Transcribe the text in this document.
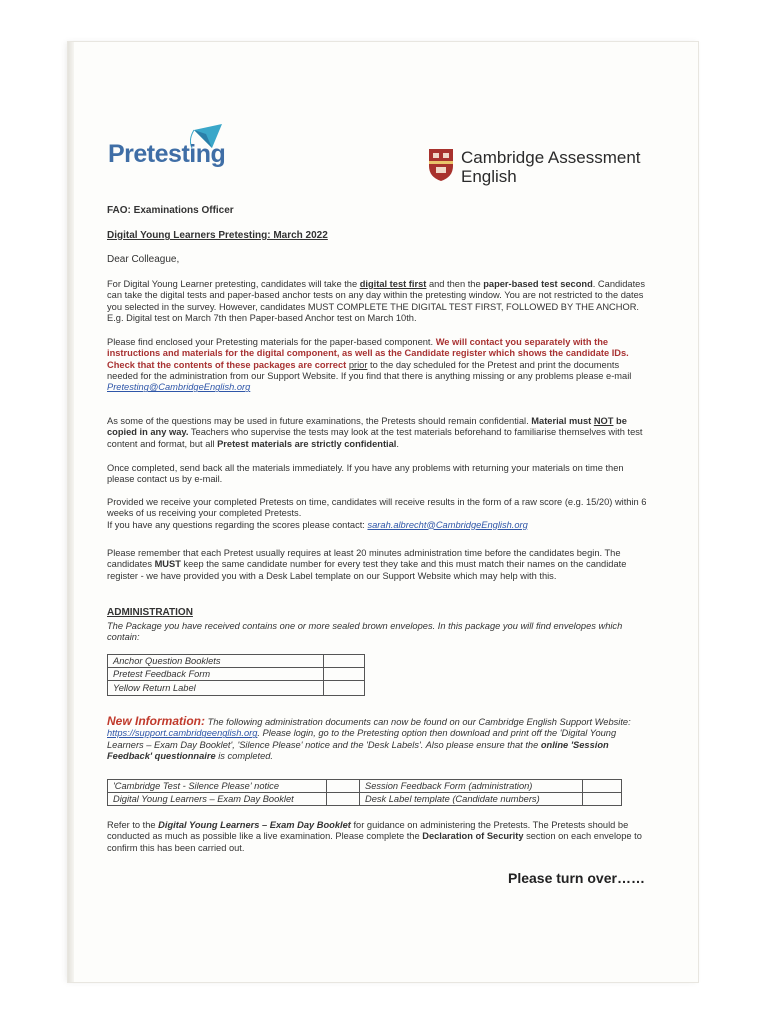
Pretesting	Cambridge Assessment
English
FAO: Examinations Officer
Digital Young Learners Pretesting: March 2022
Dear Colleague,
For Digital Young Learner pretesting, candidates will take the digital test first and then the paper-based test second. Candidates can take the digital tests and paper-based anchor tests on any day within the pretesting window. You are not restricted to the dates you selected in the survey. However, candidates MUST COMPLETE THE DIGITAL TEST FIRST, FOLLOWED BY THE ANCHOR. E.g. Digital test on March 7th then Paper-based Anchor test on March 10th.
Please find enclosed your Pretesting materials for the paper-based component. We will contact you separately with the instructions and materials for the digital component, as well as the Candidate register which shows the candidate IDs. Check that the contents of these packages are correct prior to the day scheduled for the Pretest and print the documents needed for the administration from our Support Website. If you find that there is anything missing or any problems please e-mail Pretesting@CambridgeEnglish.org
As some of the questions may be used in future examinations, the Pretests should remain confidential. Material must NOT be copied in any way. Teachers who supervise the tests may look at the test materials beforehand to familiarise themselves with test content and format, but all Pretest materials are strictly confidential.
Once completed, send back all the materials immediately. If you have any problems with returning your materials on time then please contact us by e-mail.
Provided we receive your completed Pretests on time, candidates will receive results in the form of a raw score (e.g. 15/20) within 6 weeks of us receiving your completed Pretests.
If you have any questions regarding the scores please contact: sarah.albrecht@CambridgeEnglish.org
Please remember that each Pretest usually requires at least 20 minutes administration time before the candidates begin. The candidates MUST keep the same candidate number for every test they take and this must match their names on the candidate register - we have provided you with a Desk Label template on our Support Website which may help with this.
ADMINISTRATION
The Package you have received contains one or more sealed brown envelopes. In this package you will find envelopes which contain:
Anchor Question Booklets	
Pretest Feedback Form	
Yellow Return Label	
New Information: The following administration documents can now be found on our Cambridge English Support Website: https://support.cambridgeenglish.org. Please login, go to the Pretesting option then download and print off the 'Digital Young Learners – Exam Day Booklet', 'Silence Please' notice and the 'Desk Labels'. Also please ensure that the online 'Session Feedback' questionnaire is completed.
'Cambridge Test - Silence Please' notice		Session Feedback Form (administration)	
Digital Young Learners – Exam Day Booklet		Desk Label template (Candidate numbers)	
Refer to the Digital Young Learners – Exam Day Booklet for guidance on administering the Pretests. The Pretests should be conducted as much as possible like a live examination. Please complete the Declaration of Security section on each envelope to confirm this has been carried out.
Please turn over……
